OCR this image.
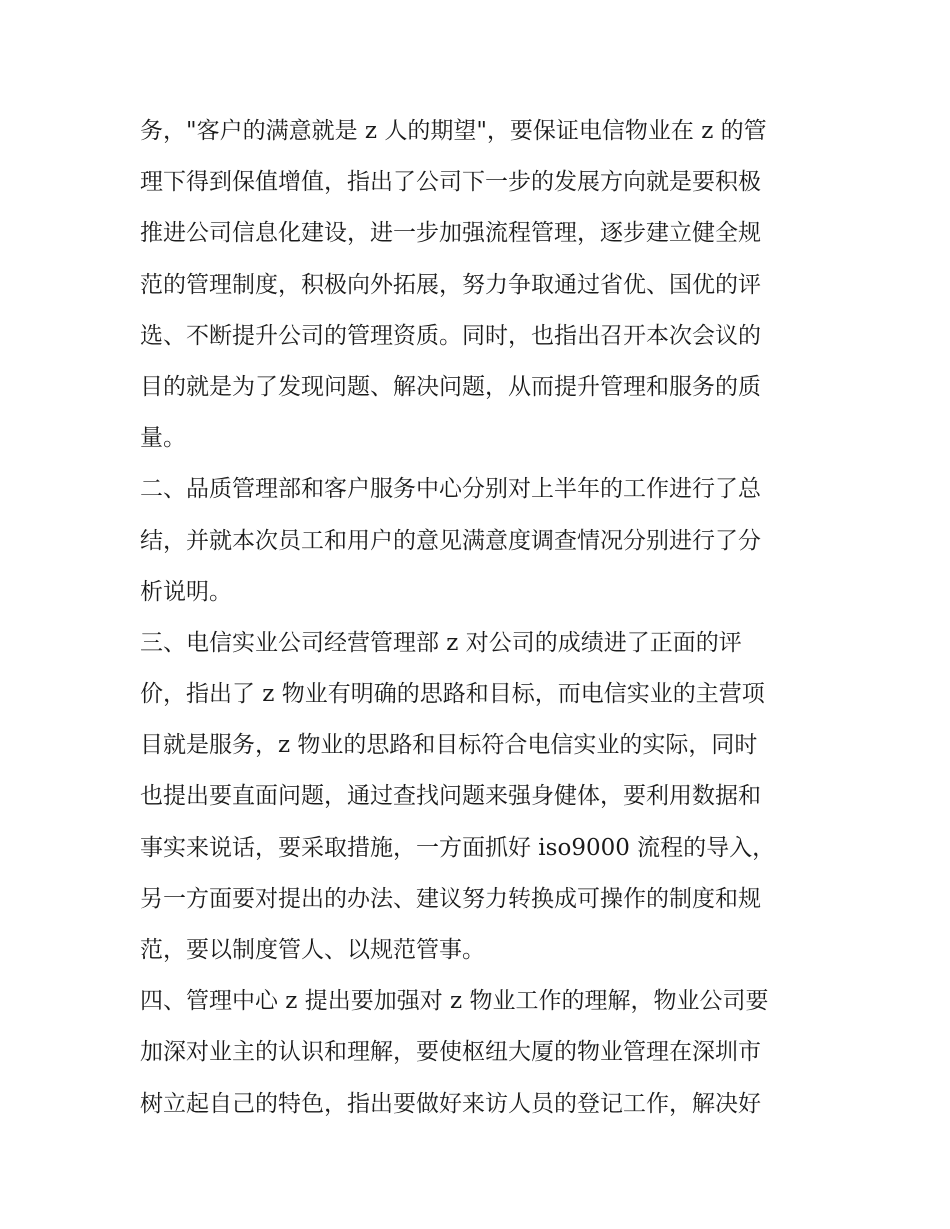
务，"客户的满意就是 z 人的期望"，要保证电信物业在 z 的管
理下得到保值增值，指出了公司下一步的发展方向就是要积极
推进公司信息化建设，进一步加强流程管理，逐步建立健全规
范的管理制度，积极向外拓展，努力争取通过省优、国优的评
选、不断提升公司的管理资质。同时，也指出召开本次会议的
目的就是为了发现问题、解决问题，从而提升管理和服务的质
量。
二、品质管理部和客户服务中心分别对上半年的工作进行了总
结，并就本次员工和用户的意见满意度调查情况分别进行了分
析说明。
三、电信实业公司经营管理部 z 对公司的成绩进了正面的评
价，指出了 z 物业有明确的思路和目标，而电信实业的主营项
目就是服务，z 物业的思路和目标符合电信实业的实际，同时
也提出要直面问题，通过查找问题来强身健体，要利用数据和
事实来说话，要采取措施，一方面抓好 iso9000 流程的导入，
另一方面要对提出的办法、建议努力转换成可操作的制度和规
范，要以制度管人、以规范管事。
四、管理中心 z 提出要加强对 z 物业工作的理解，物业公司要
加深对业主的认识和理解，要使枢纽大厦的物业管理在深圳市
树立起自己的特色，指出要做好来访人员的登记工作，解决好
